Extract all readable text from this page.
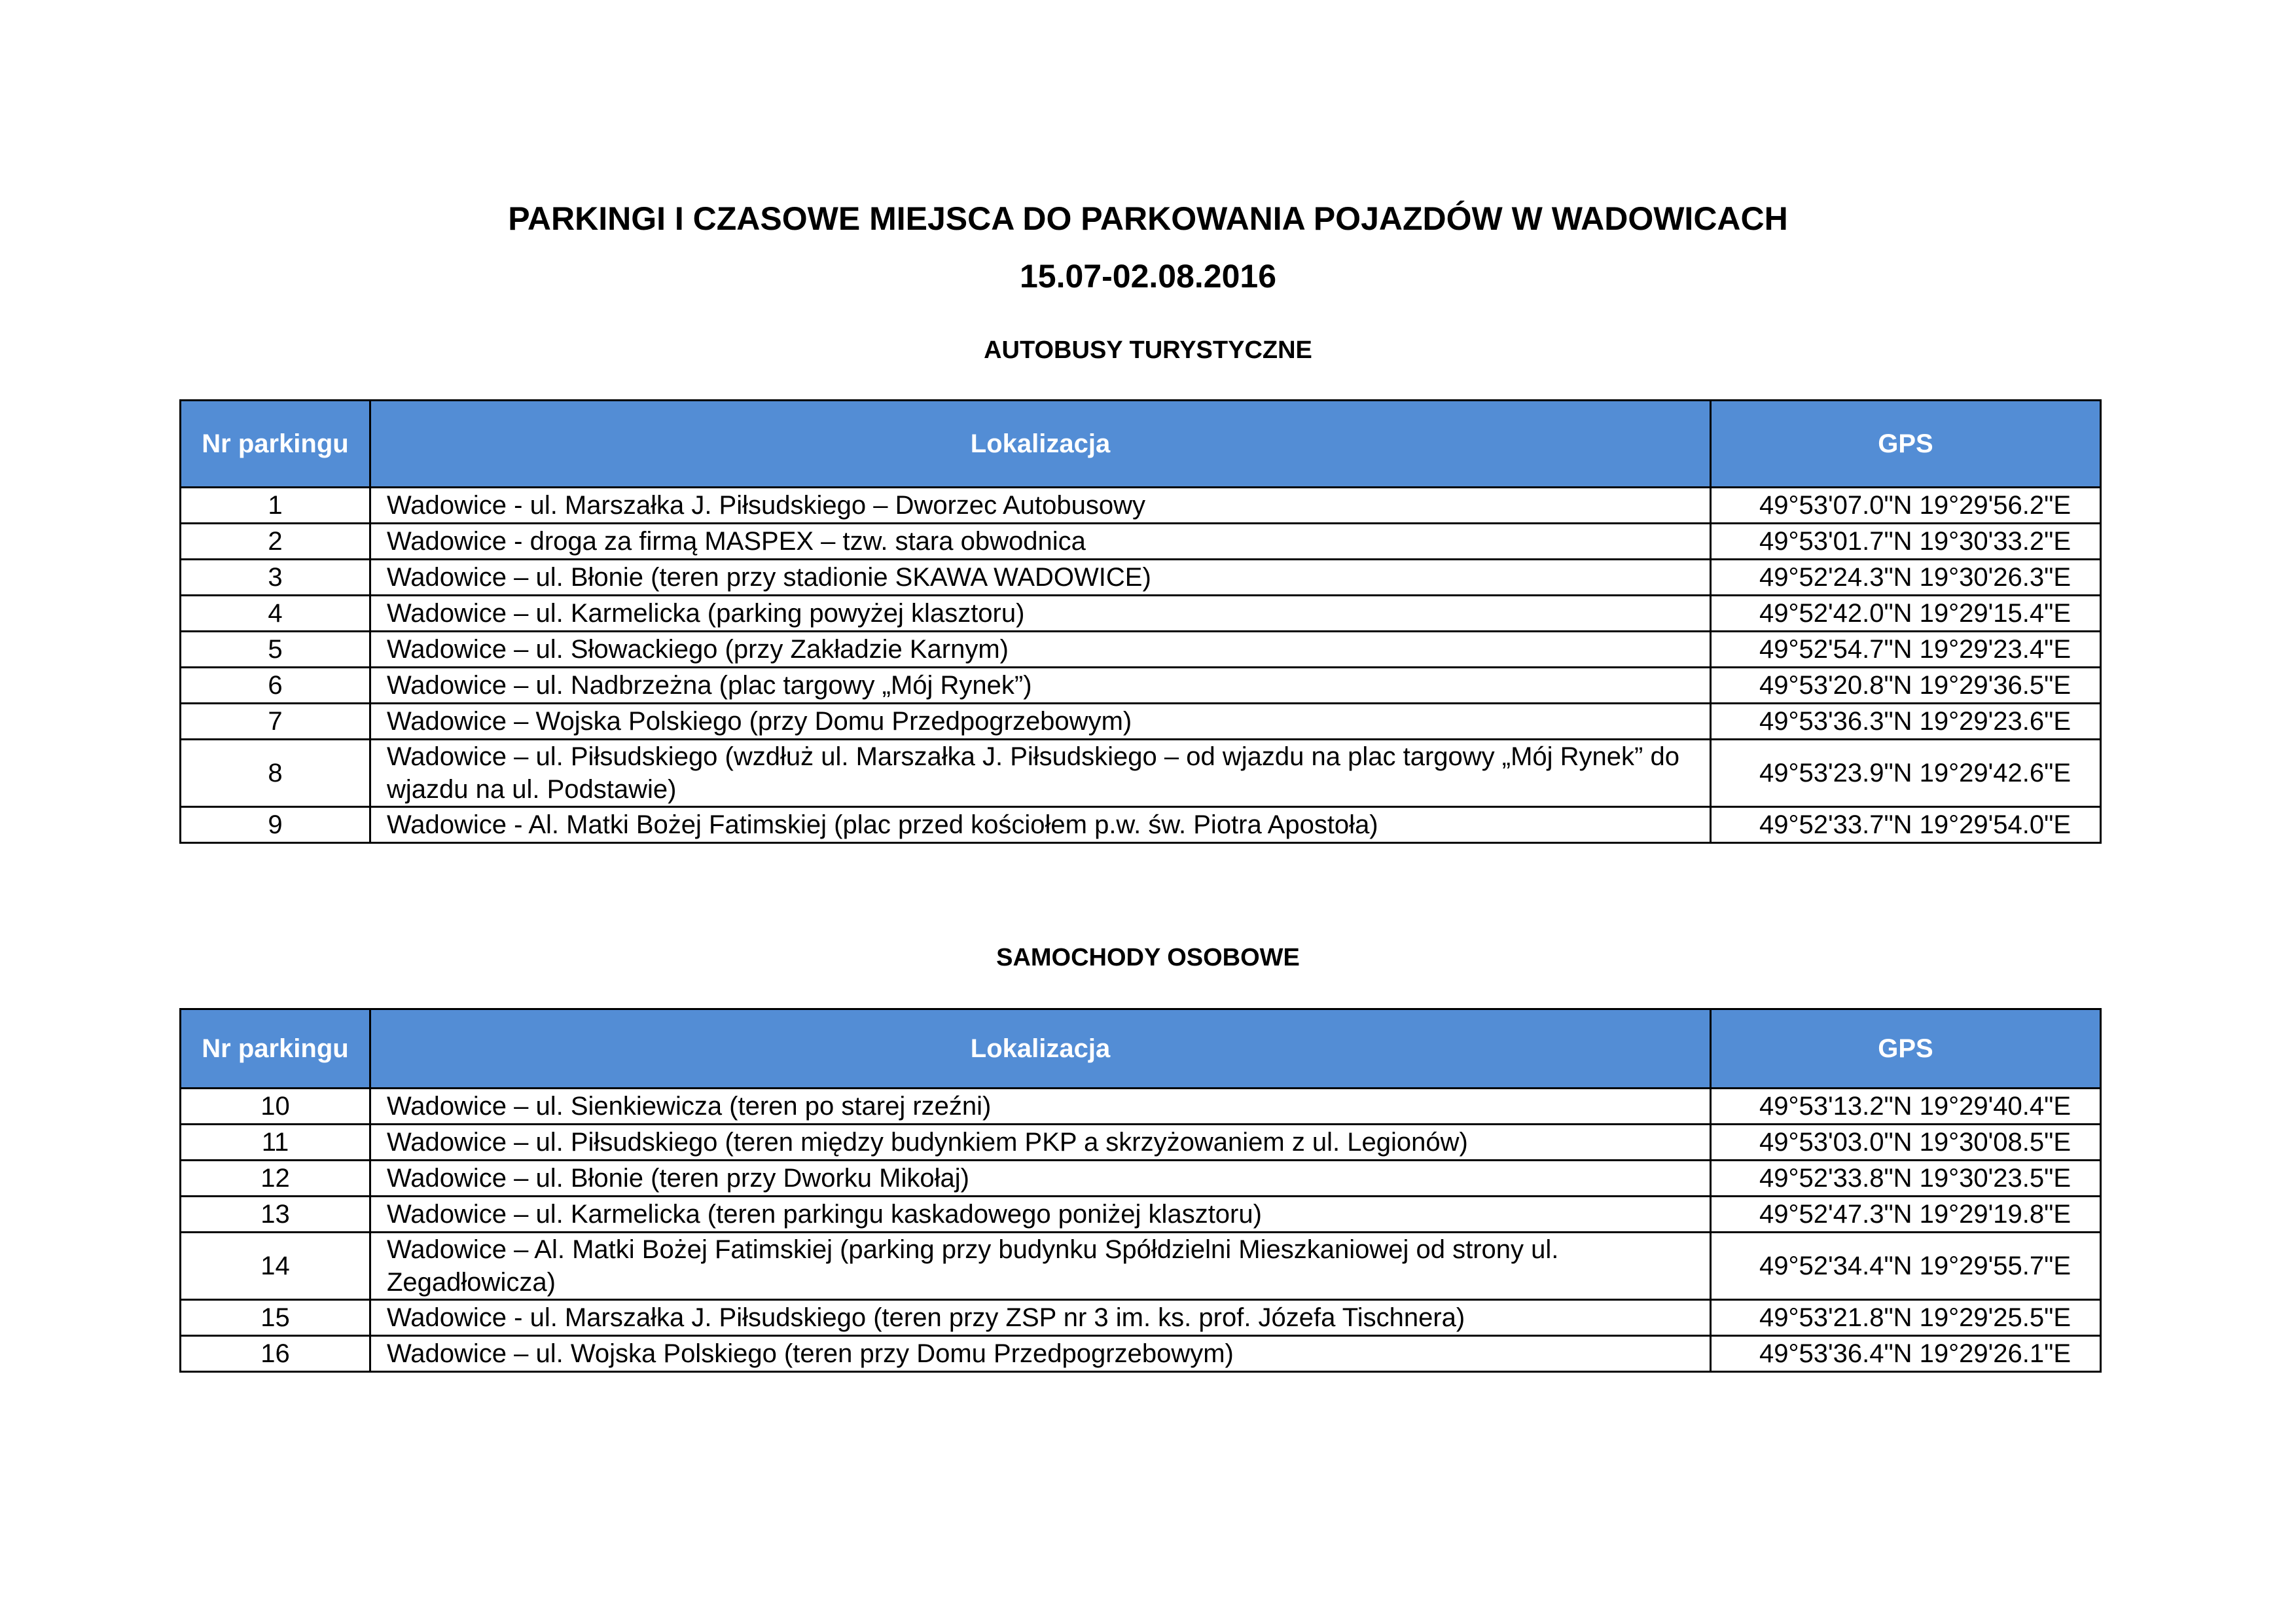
PARKINGI I CZASOWE MIEJSCA DO PARKOWANIA POJAZDÓW W WADOWICACH
15.07-02.08.2016
AUTOBUSY TURYSTYCZNE
Nr parkingu	Lokalizacja	GPS
1	Wadowice - ul. Marszałka J. Piłsudskiego – Dworzec Autobusowy	49°53'07.0"N 19°29'56.2"E
2	Wadowice - droga za firmą MASPEX – tzw. stara obwodnica	49°53'01.7"N 19°30'33.2"E
3	Wadowice – ul. Błonie (teren przy stadionie SKAWA WADOWICE)	49°52'24.3"N 19°30'26.3"E
4	Wadowice – ul. Karmelicka (parking powyżej klasztoru)	49°52'42.0"N 19°29'15.4"E
5	Wadowice – ul. Słowackiego (przy Zakładzie Karnym)	49°52'54.7"N 19°29'23.4"E
6	Wadowice – ul. Nadbrzeżna (plac targowy „Mój Rynek”)	49°53'20.8"N 19°29'36.5"E
7	Wadowice – Wojska Polskiego (przy Domu Przedpogrzebowym)	49°53'36.3"N 19°29'23.6"E
8	Wadowice – ul. Piłsudskiego (wzdłuż ul. Marszałka J. Piłsudskiego – od wjazdu na plac targowy „Mój Rynek” do wjazdu na ul. Podstawie)	49°53'23.9"N 19°29'42.6"E
9	Wadowice - Al. Matki Bożej Fatimskiej (plac przed kościołem p.w. św. Piotra Apostoła)	49°52'33.7"N 19°29'54.0"E
SAMOCHODY OSOBOWE
Nr parkingu	Lokalizacja	GPS
10	Wadowice – ul. Sienkiewicza (teren po starej rzeźni)	49°53'13.2"N 19°29'40.4"E
11	Wadowice – ul. Piłsudskiego (teren między budynkiem PKP a skrzyżowaniem z ul. Legionów)	49°53'03.0"N 19°30'08.5"E
12	Wadowice – ul. Błonie (teren przy Dworku Mikołaj)	49°52'33.8"N 19°30'23.5"E
13	Wadowice – ul. Karmelicka (teren parkingu kaskadowego poniżej klasztoru)	49°52'47.3"N 19°29'19.8"E
14	Wadowice – Al. Matki Bożej Fatimskiej (parking przy budynku Spółdzielni Mieszkaniowej od strony ul. Zegadłowicza)	49°52'34.4"N 19°29'55.7"E
15	Wadowice - ul. Marszałka J. Piłsudskiego (teren przy ZSP nr 3 im. ks. prof. Józefa Tischnera)	49°53'21.8"N 19°29'25.5"E
16	Wadowice – ul. Wojska Polskiego (teren przy Domu Przedpogrzebowym)	49°53'36.4"N 19°29'26.1"E
